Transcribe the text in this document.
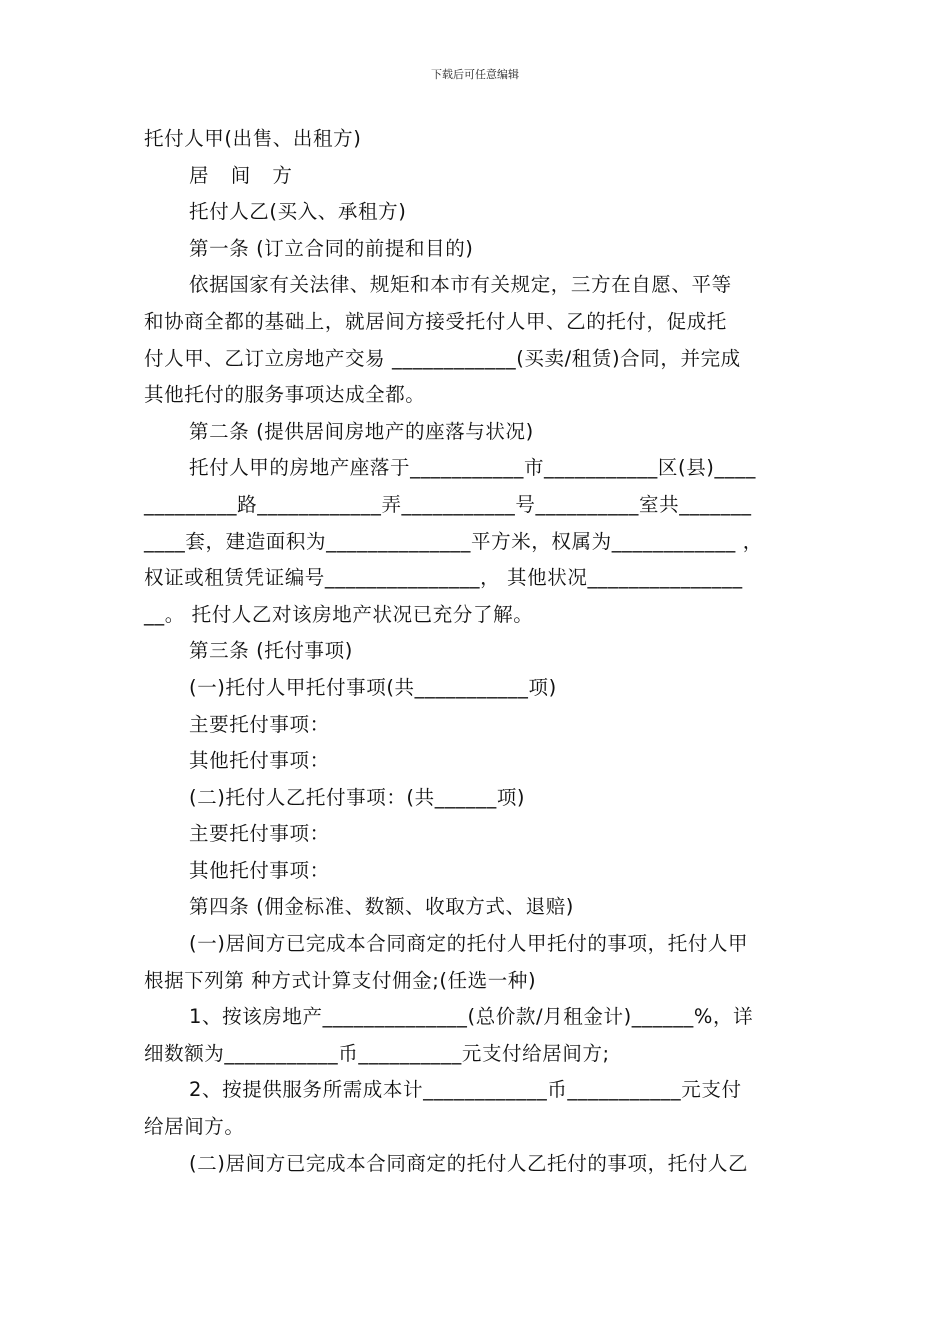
下载后可任意编辑

托付人甲(出售、出租方)

居 间 方

托付人乙(买入、承租方)

第一条 (订立合同的前提和目的)

依据国家有关法律、规矩和本市有关规定，三方在自愿、平等

和协商全都的基础上，就居间方接受托付人甲、乙的托付，促成托

付人甲、乙订立房地产交易 ____________(买卖/租赁)合同，并完成

其他托付的服务事项达成全都。

第二条 (提供居间房地产的座落与状况)

托付人甲的房地产座落于___________市___________区(县)____

_________路____________弄___________号__________室共_______

____套，建造面积为______________平方米，权属为____________ ，

权证或租赁凭证编号_______________， 其他状况_______________

__。 托付人乙对该房地产状况已充分了解。

第三条 (托付事项)

(一)托付人甲托付事项(共___________项)

主要托付事项：

其他托付事项：

(二)托付人乙托付事项：(共______项)

主要托付事项：

其他托付事项：

第四条 (佣金标准、数额、收取方式、退赔)

(一)居间方已完成本合同商定的托付人甲托付的事项，托付人甲

根据下列第 种方式计算支付佣金;(任选一种)

1、按该房地产______________(总价款/月租金计)______%，详

细数额为___________币__________元支付给居间方;

2、按提供服务所需成本计____________币___________元支付

给居间方。

(二)居间方已完成本合同商定的托付人乙托付的事项，托付人乙
